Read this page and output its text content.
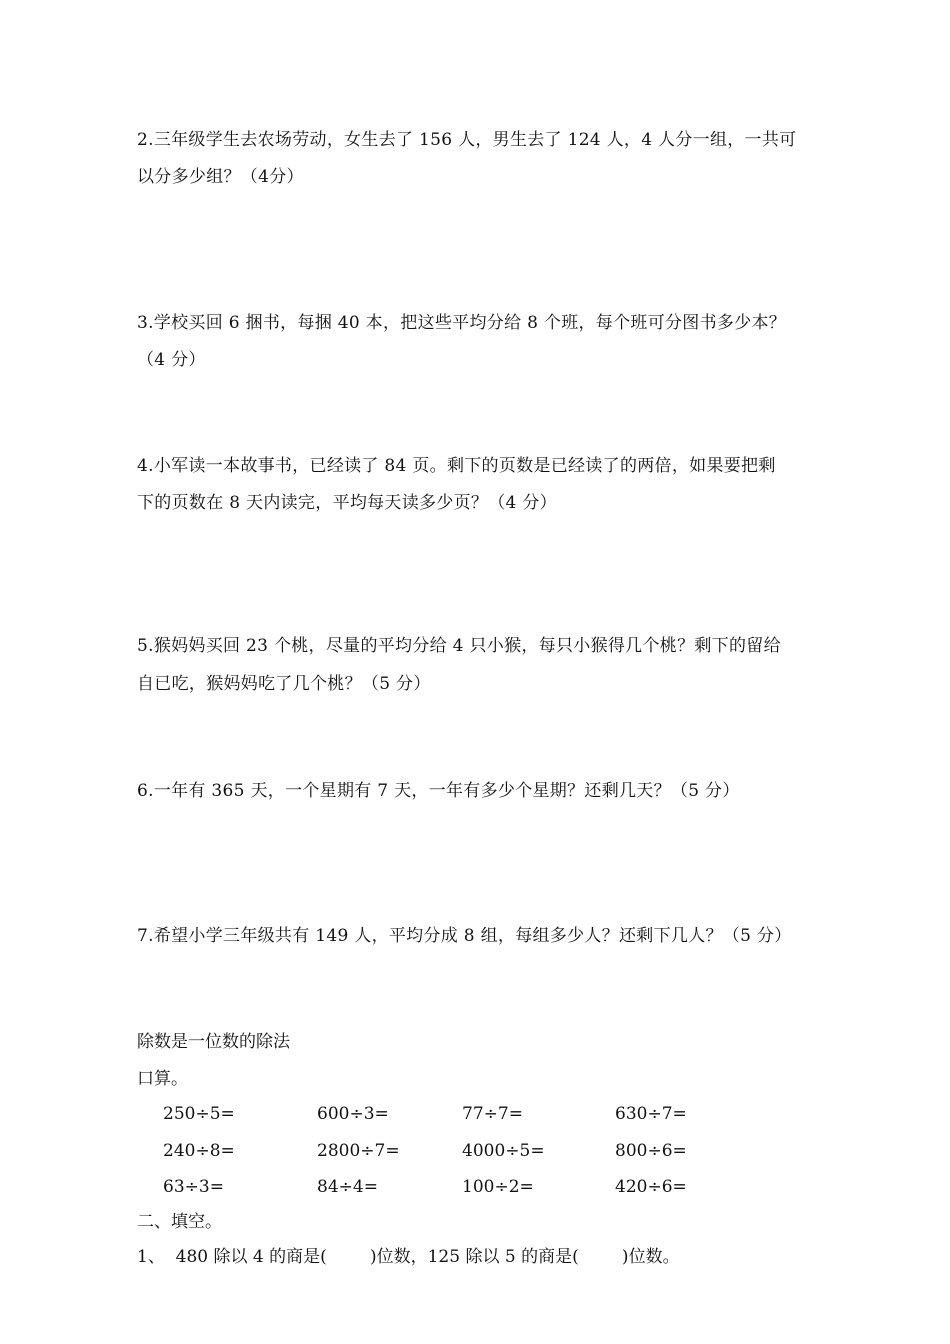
2.三年级学生去农场劳动，女生去了 156 人，男生去了 124 人，4 人分一组，一共可
以分多少组？（4分）
3.学校买回 6 捆书，每捆 40 本，把这些平均分给 8 个班，每个班可分图书多少本？
（4 分）
4.小军读一本故事书，已经读了 84 页。剩下的页数是已经读了的两倍，如果要把剩
下的页数在 8 天内读完，平均每天读多少页？（4 分）
5.猴妈妈买回 23 个桃，尽量的平均分给 4 只小猴，每只小猴得几个桃？剩下的留给
自已吃，猴妈妈吃了几个桃？（5 分）
6.一年有 365 天，一个星期有 7 天，一年有多少个星期？还剩几天？（5 分）
7.希望小学三年级共有 149 人，平均分成 8 组，每组多少人？还剩下几人？（5 分）
除数是一位数的除法
口算。
250÷5=	600÷3=	77÷7=	630÷7=
240÷8=	2800÷7=	4000÷5=	800÷6=
63÷3=	84÷4=	100÷2=	420÷6=
二、填空。
1、  480 除以 4 的商是(        )位数，125 除以 5 的商是(        )位数。
